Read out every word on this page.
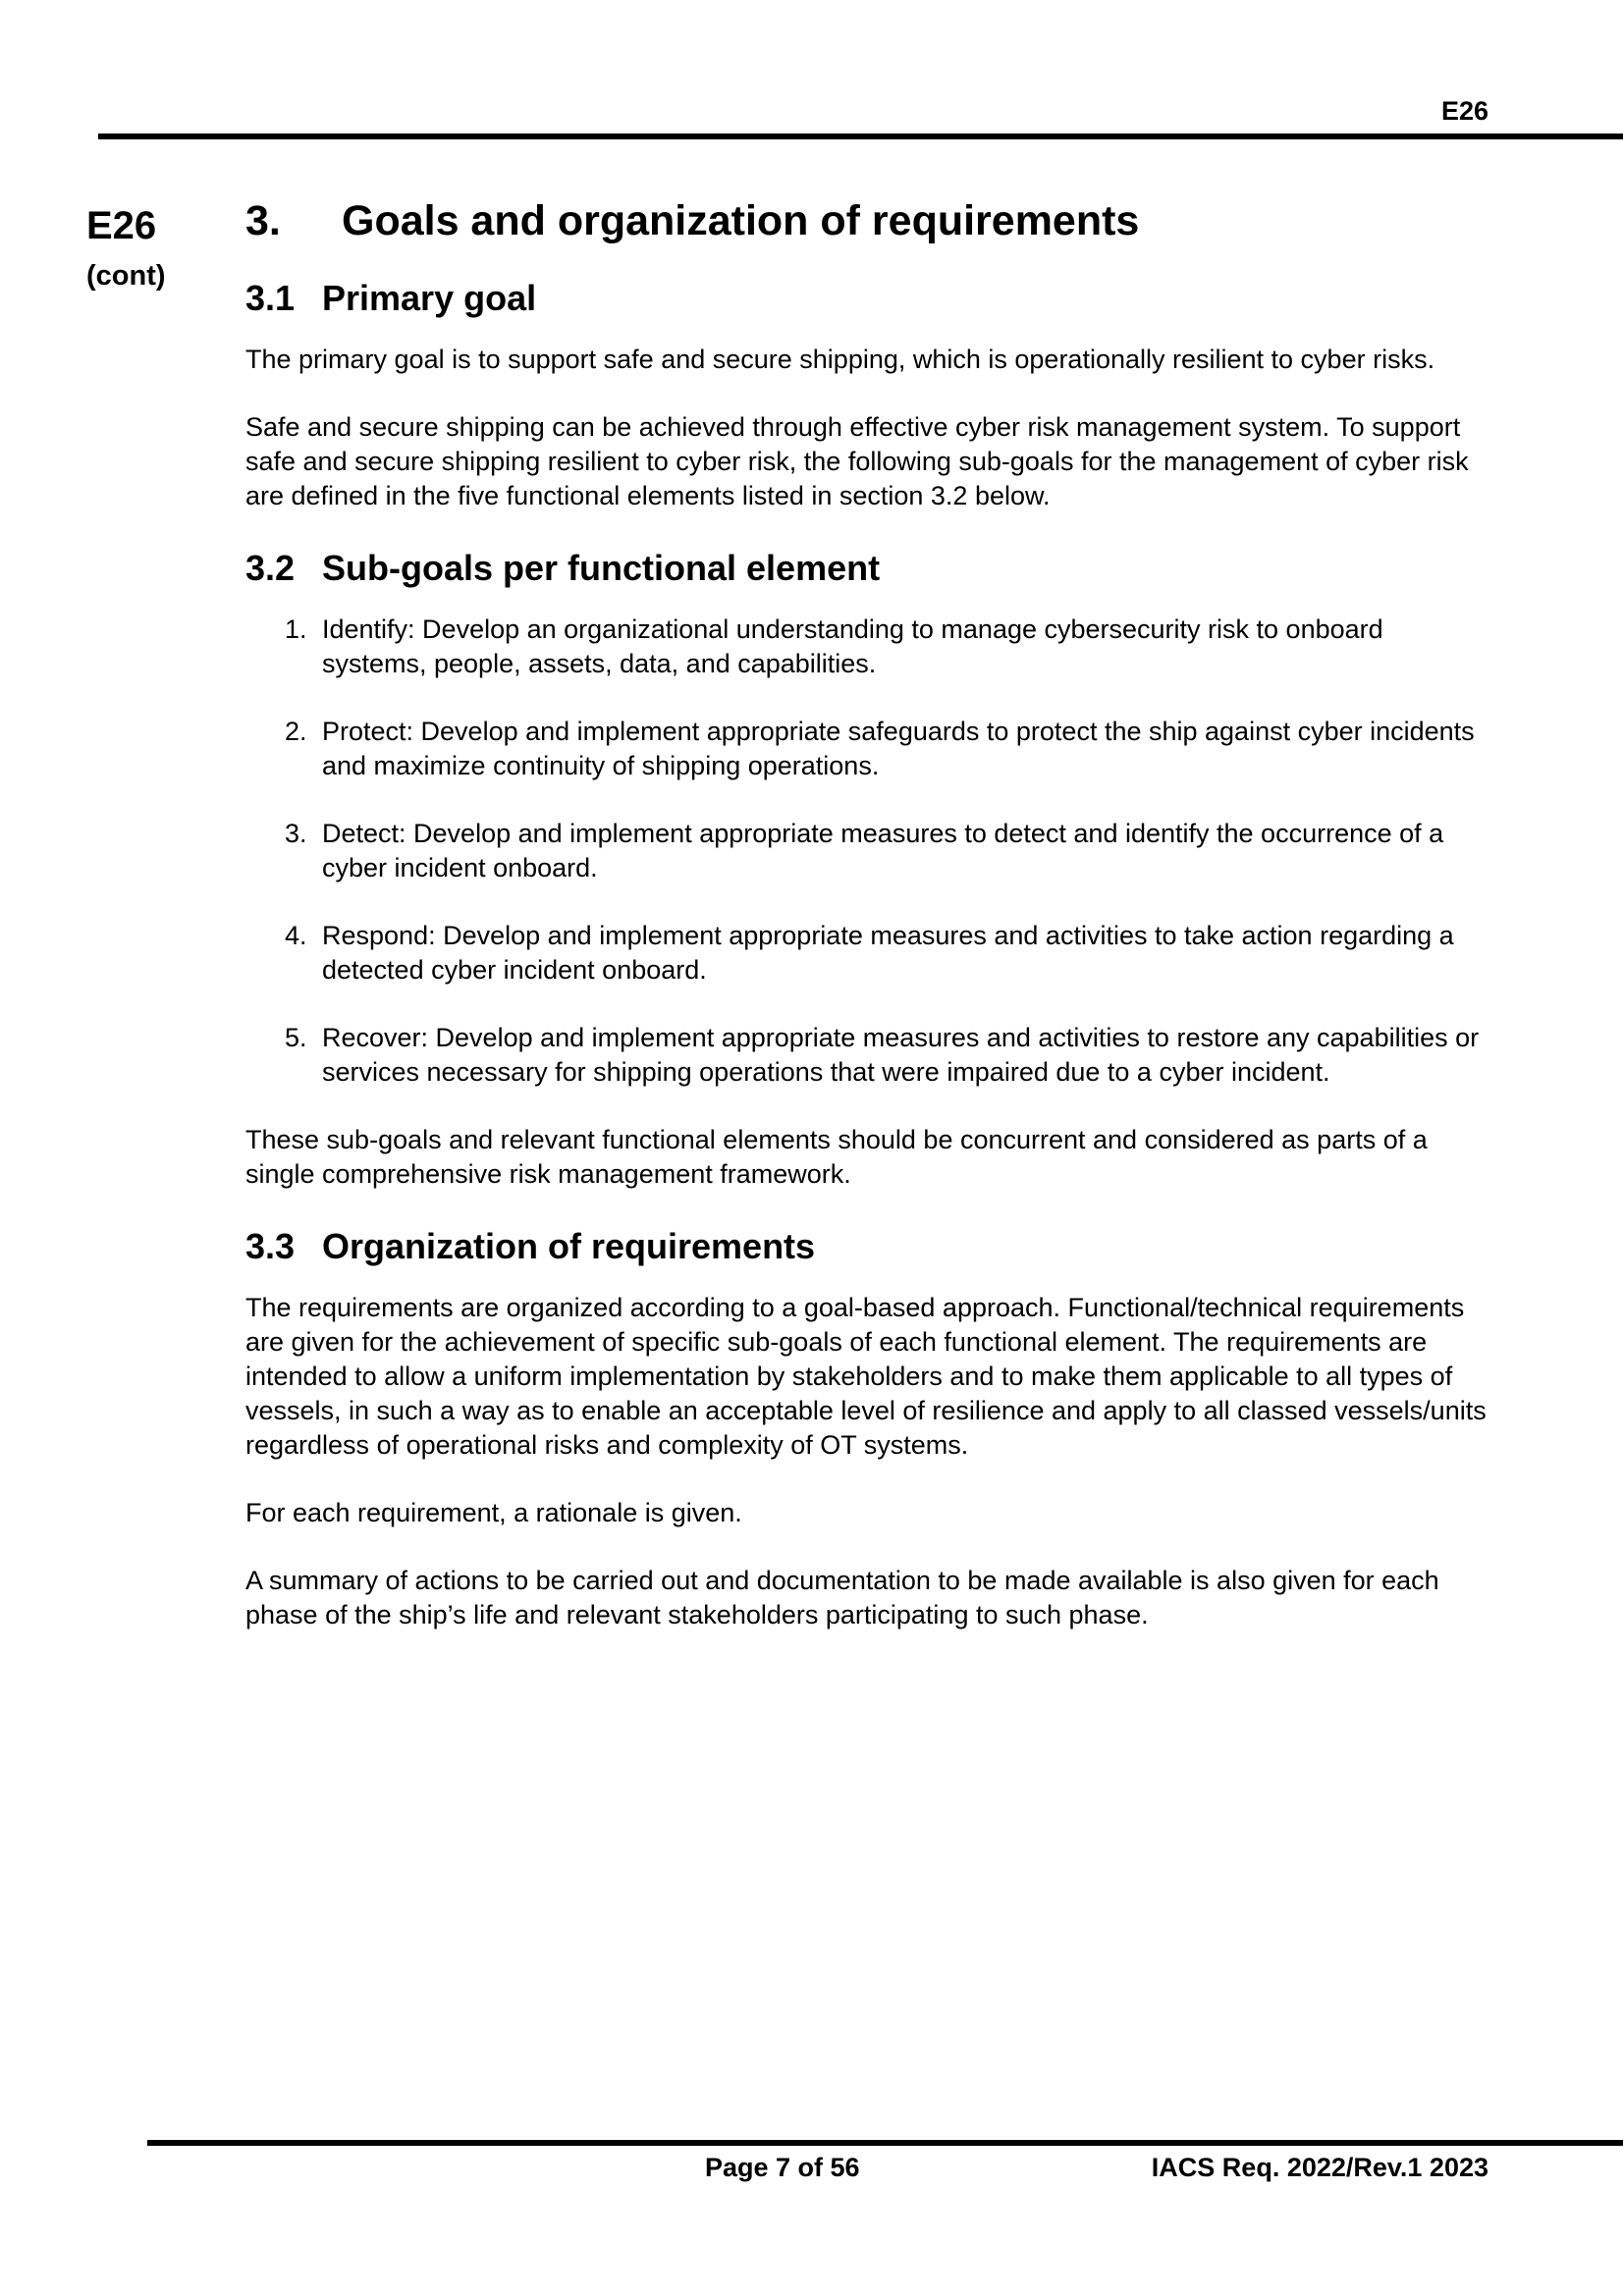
E26
E26
(cont)
3. Goals and organization of requirements
3.1 Primary goal

The primary goal is to support safe and secure shipping, which is operationally resilient to cyber risks.

Safe and secure shipping can be achieved through effective cyber risk management system. To support safe and secure shipping resilient to cyber risk, the following sub-goals for the management of cyber risk are defined in the five functional elements listed in section 3.2 below.

3.2 Sub-goals per functional element
1. Identify: Develop an organizational understanding to manage cybersecurity risk to onboard systems, people, assets, data, and capabilities.
2. Protect: Develop and implement appropriate safeguards to protect the ship against cyber incidents and maximize continuity of shipping operations.
3. Detect: Develop and implement appropriate measures to detect and identify the occurrence of a cyber incident onboard.
4. Respond: Develop and implement appropriate measures and activities to take action regarding a detected cyber incident onboard.
5. Recover: Develop and implement appropriate measures and activities to restore any capabilities or services necessary for shipping operations that were impaired due to a cyber incident.

These sub-goals and relevant functional elements should be concurrent and considered as parts of a single comprehensive risk management framework.

3.3 Organization of requirements

The requirements are organized according to a goal-based approach. Functional/technical requirements are given for the achievement of specific sub-goals of each functional element. The requirements are intended to allow a uniform implementation by stakeholders and to make them applicable to all types of vessels, in such a way as to enable an acceptable level of resilience and apply to all classed vessels/units regardless of operational risks and complexity of OT systems.

For each requirement, a rationale is given.

A summary of actions to be carried out and documentation to be made available is also given for each phase of the ship’s life and relevant stakeholders participating to such phase.

Page 7 of 56	IACS Req. 2022/Rev.1 2023
